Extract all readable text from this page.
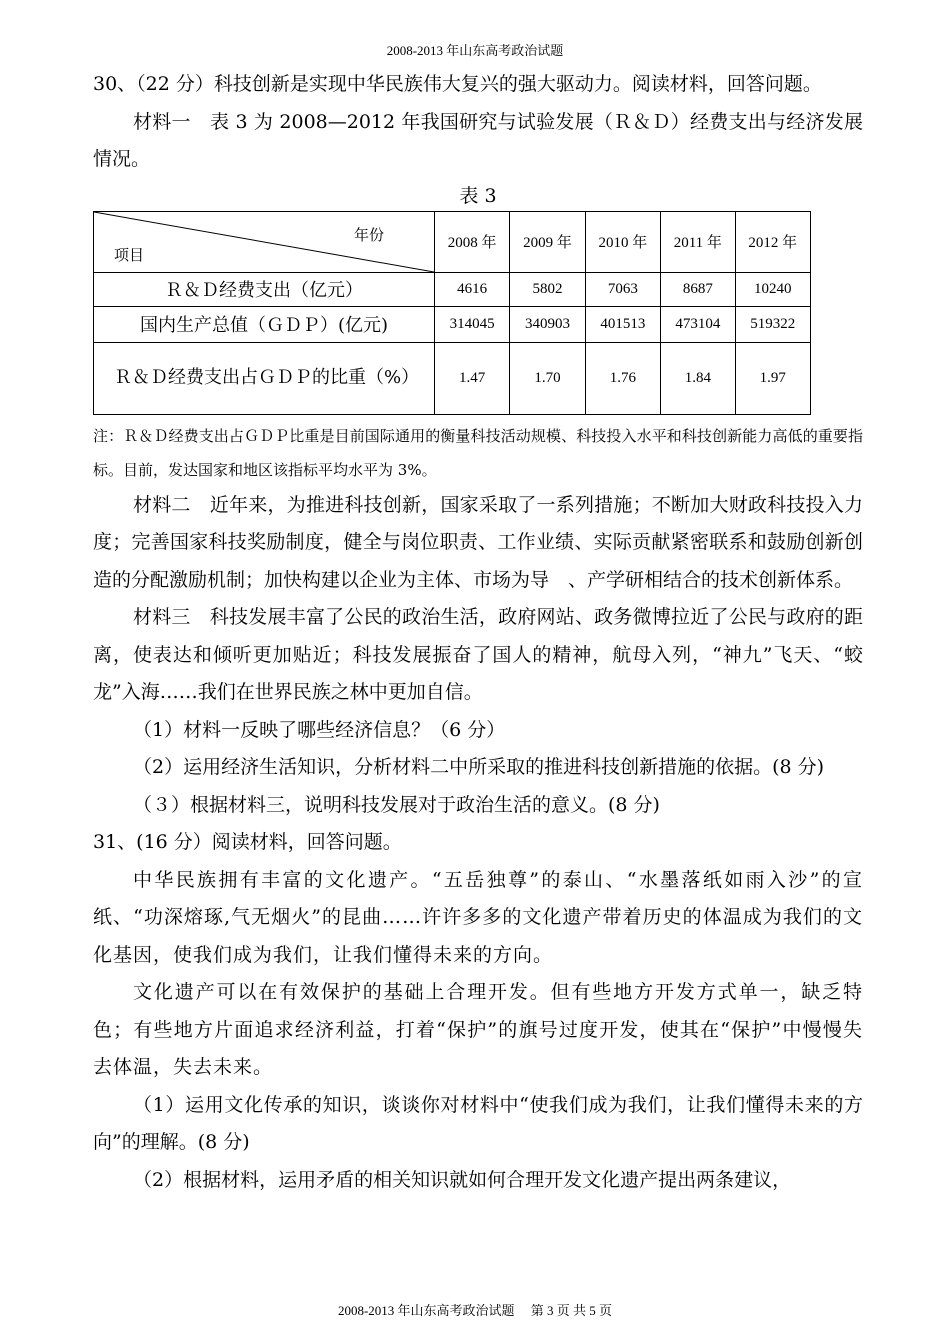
2008-2013 年山东高考政治试题

30、（22 分）科技创新是实现中华民族伟大复兴的强大驱动力。阅读材料，回答问题。

材料一　表 3 为 2008—2012 年我国研究与试验发展（Ｒ＆Ｄ）经费支出与经济发展情况。

表 3
年份
项目	2008 年	2009 年	2010 年	2011 年	2012 年
Ｒ＆Ｄ经费支出（亿元）	4616	5802	7063	8687	10240
国内生产总值（ＧＤＰ）(亿元)	314045	340903	401513	473104	519322
Ｒ＆Ｄ经费支出占ＧＤＰ的比重（%）	1.47	1.70	1.76	1.84	1.97

注：Ｒ＆Ｄ经费支出占ＧＤＰ比重是目前国际通用的衡量科技活动规模、科技投入水平和科技创新能力高低的重要指标。目前，发达国家和地区该指标平均水平为 3%。

材料二　近年来，为推进科技创新，国家采取了一系列措施；不断加大财政科技投入力度；完善国家科技奖励制度，健全与岗位职责、工作业绩、实际贡献紧密联系和鼓励创新创造的分配激励机制；加快构建以企业为主体、市场为导　、产学研相结合的技术创新体系。

材料三　科技发展丰富了公民的政治生活，政府网站、政务微博拉近了公民与政府的距离，使表达和倾听更加贴近；科技发展振奋了国人的精神，航母入列，“神九”飞天、“蛟龙”入海……我们在世界民族之林中更加自信。

（1）材料一反映了哪些经济信息？（6 分）

（2）运用经济生活知识，分析材料二中所采取的推进科技创新措施的依据。(8 分)

（３）根据材料三，说明科技发展对于政治生活的意义。(8 分)

31、(16 分）阅读材料，回答问题。

中华民族拥有丰富的文化遗产。“五岳独尊”的泰山、“水墨落纸如雨入沙”的宣纸、“功深熔琢,气无烟火”的昆曲……许许多多的文化遗产带着历史的体温成为我们的文化基因，使我们成为我们，让我们懂得未来的方向。

文化遗产可以在有效保护的基础上合理开发。但有些地方开发方式单一，缺乏特色；有些地方片面追求经济利益，打着“保护”的旗号过度开发，使其在“保护”中慢慢失去体温，失去未来。

（1）运用文化传承的知识，谈谈你对材料中“使我们成为我们，让我们懂得未来的方向”的理解。(8 分)

（2）根据材料，运用矛盾的相关知识就如何合理开发文化遗产提出两条建议，

2008-2013 年山东高考政治试题　 第 3 页 共 5 页
